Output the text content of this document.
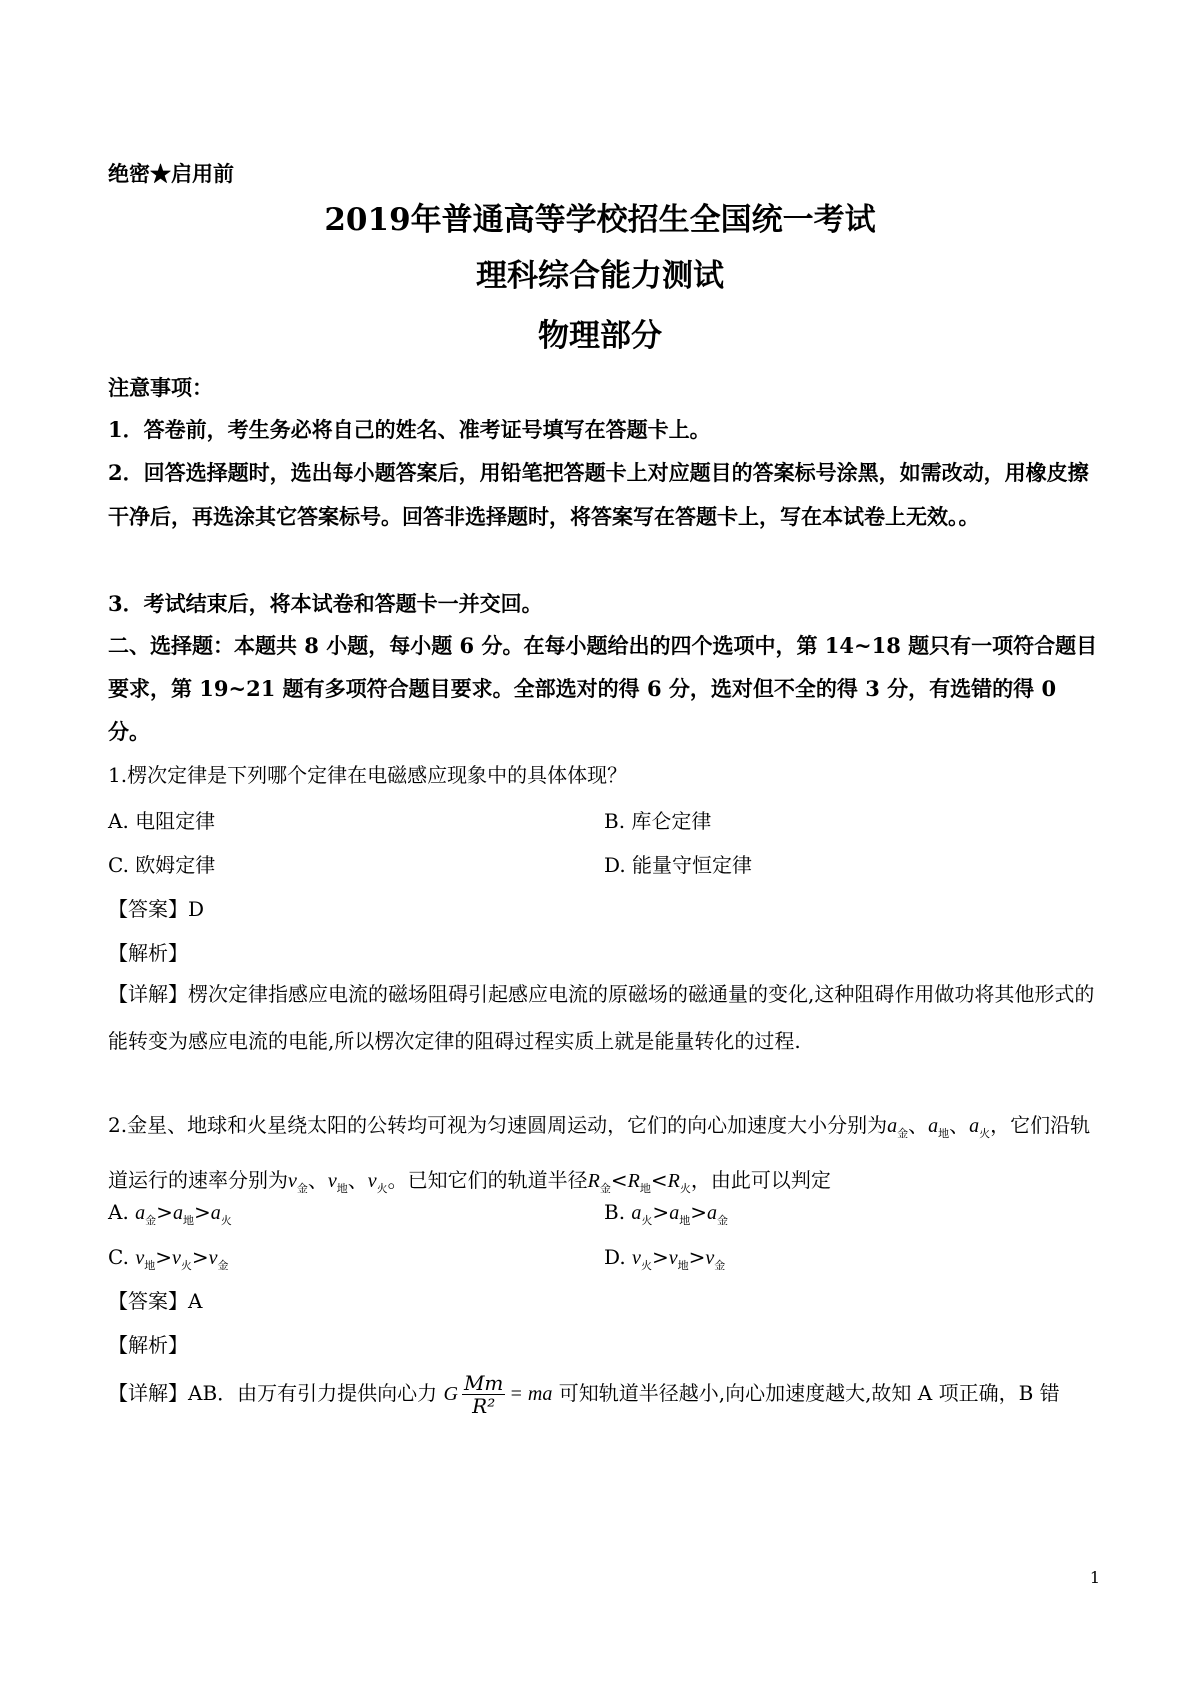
绝密★启用前
2019年普通高等学校招生全国统一考试
理科综合能力测试
物理部分
注意事项：
1．答卷前，考生务必将自己的姓名、准考证号填写在答题卡上。

2．回答选择题时，选出每小题答案后，用铅笔把答题卡上对应题目的答案标号涂黑，如需改动，用橡皮擦干净后，再选涂其它答案标号。回答非选择题时，将答案写在答题卡上，写在本试卷上无效。。

3．考试结束后，将本试卷和答题卡一并交回。

二、选择题：本题共 8 小题，每小题 6 分。在每小题给出的四个选项中，第 14~18 题只有一项符合题目要求，第 19~21 题有多项符合题目要求。全部选对的得 6 分，选对但不全的得 3 分，有选错的得 0 分。

1.楞次定律是下列哪个定律在电磁感应现象中的具体体现？
A. 电阻定律	B. 库仑定律
C. 欧姆定律	D. 能量守恒定律
【答案】D
【解析】

【详解】楞次定律指感应电流的磁场阻碍引起感应电流的原磁场的磁通量的变化,这种阻碍作用做功将其他形式的能转变为感应电流的电能,所以楞次定律的阻碍过程实质上就是能量转化的过程.

2.金星、地球和火星绕太阳的公转均可视为匀速圆周运动，它们的向心加速度大小分别为$a_金$、$a_地$、$a_火$，它们沿轨道运行的速率分别为$v_金$、$v_地$、$v_火$。已知它们的轨道半径$R_金<R_地<R_火$，由此可以判定

A. $a_金>a_地>a_火$	B. $a_火>a_地>a_金$
C. $v_地>v_火>v_金$	D. $v_火>v_地>v_金$
【答案】A
【解析】
【详解】AB．由万有引力提供向心力 G $\frac{Mm}{\text{R²}}$ = ma 可知轨道半径越小,向心加速度越大,故知 A 项正确，B 错
1
